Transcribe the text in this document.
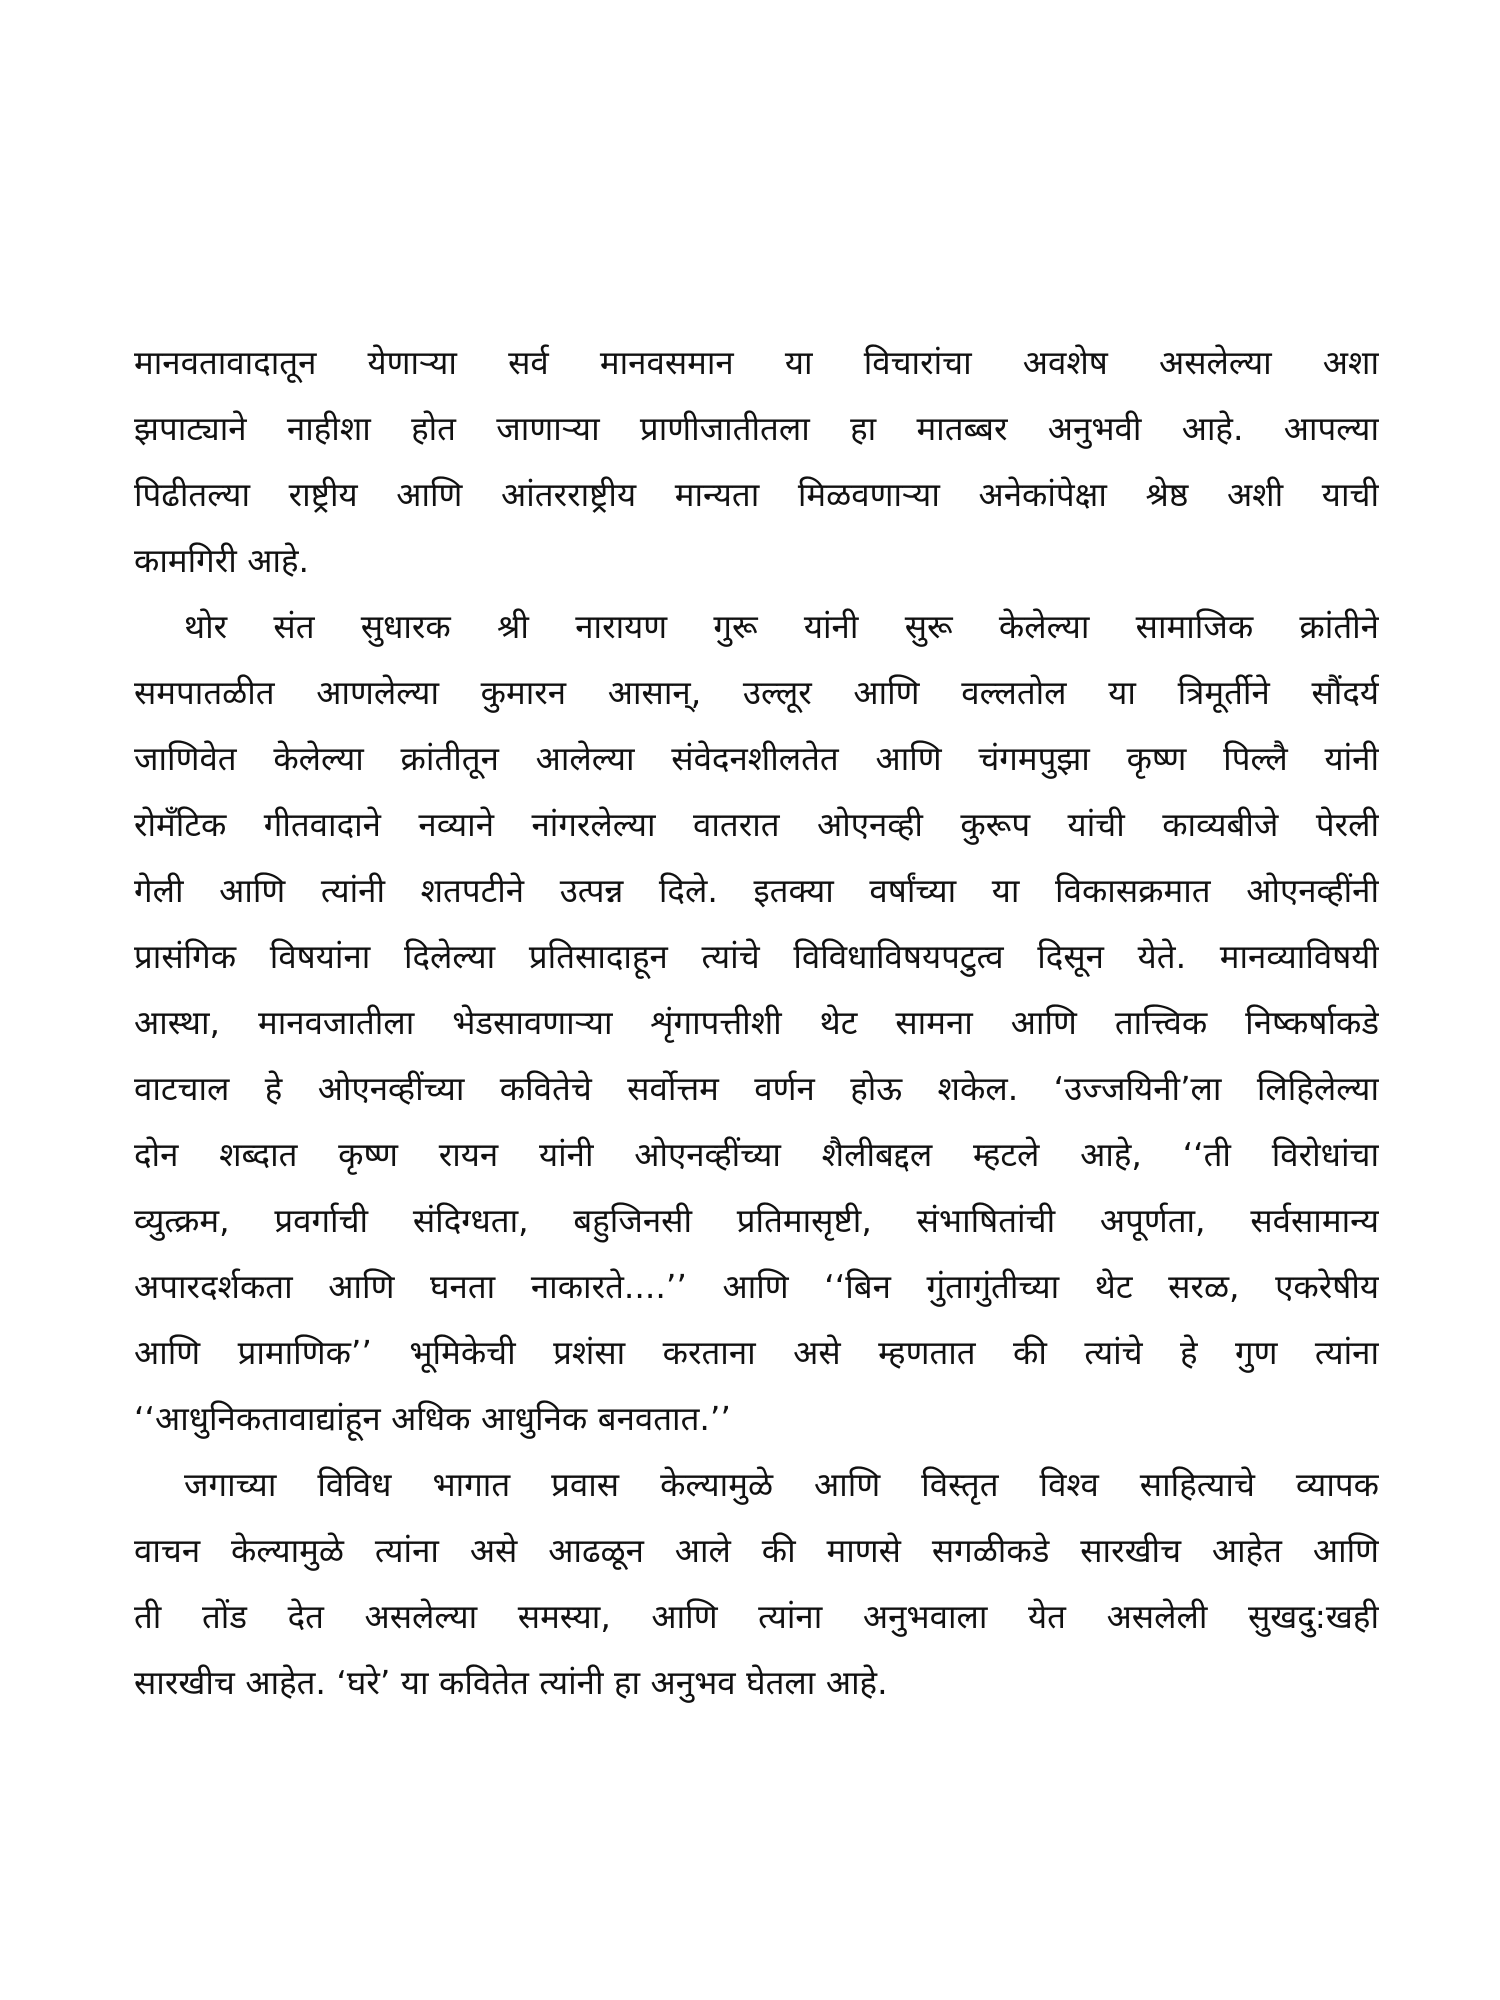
मानवतावादातून येणाऱ्या सर्व मानवसमान या विचारांचा अवशेष असलेल्या अशा
झपाट्याने नाहीशा होत जाणाऱ्या प्राणीजातीतला हा मातब्बर अनुभवी आहे. आपल्या
पिढीतल्या राष्ट्रीय आणि आंतरराष्ट्रीय मान्यता मिळवणाऱ्या अनेकांपेक्षा श्रेष्ठ अशी याची
कामगिरी आहे.
थोर संत सुधारक श्री नारायण गुरू यांनी सुरू केलेल्या सामाजिक क्रांतीने
समपातळीत आणलेल्या कुमारन आसान्, उल्लूर आणि वल्लतोल या त्रिमूर्तीने सौंदर्य
जाणिवेत केलेल्या क्रांतीतून आलेल्या संवेदनशीलतेत आणि चंगमपुझा कृष्ण पिल्लै यांनी
रोमँटिक गीतवादाने नव्याने नांगरलेल्या वातरात ओएनव्ही कुरूप यांची काव्यबीजे पेरली
गेली आणि त्यांनी शतपटीने उत्पन्न दिले. इतक्या वर्षांच्या या विकासक्रमात ओएनव्हींनी
प्रासंगिक विषयांना दिलेल्या प्रतिसादाहून त्यांचे विविधाविषयपटुत्व दिसून येते. मानव्याविषयी
आस्था, मानवजातीला भेडसावणाऱ्या शृंगापत्तीशी थेट सामना आणि तात्त्विक निष्कर्षाकडे
वाटचाल हे ओएनव्हींच्या कवितेचे सर्वोत्तम वर्णन होऊ शकेल. ‘उज्जयिनी’ला लिहिलेल्या
दोन शब्दात कृष्ण रायन यांनी ओएनव्हींच्या शैलीबद्दल म्हटले आहे, ‘‘ती विरोधांचा
व्युत्क्रम, प्रवर्गाची संदिग्धता, बहुजिनसी प्रतिमासृष्टी, संभाषितांची अपूर्णता, सर्वसामान्य
अपारदर्शकता आणि घनता नाकारते....’’ आणि ‘‘बिन गुंतागुंतीच्या थेट सरळ, एकरेषीय
आणि प्रामाणिक’’ भूमिकेची प्रशंसा करताना असे म्हणतात की त्यांचे हे गुण त्यांना
‘‘आधुनिकतावाद्यांहून अधिक आधुनिक बनवतात.’’
जगाच्या विविध भागात प्रवास केल्यामुळे आणि विस्तृत विश्व साहित्याचे व्यापक
वाचन केल्यामुळे त्यांना असे आढळून आले की माणसे सगळीकडे सारखीच आहेत आणि
ती तोंड देत असलेल्या समस्या, आणि त्यांना अनुभवाला येत असलेली सुखदु:खही
सारखीच आहेत. ‘घरे’ या कवितेत त्यांनी हा अनुभव घेतला आहे.
